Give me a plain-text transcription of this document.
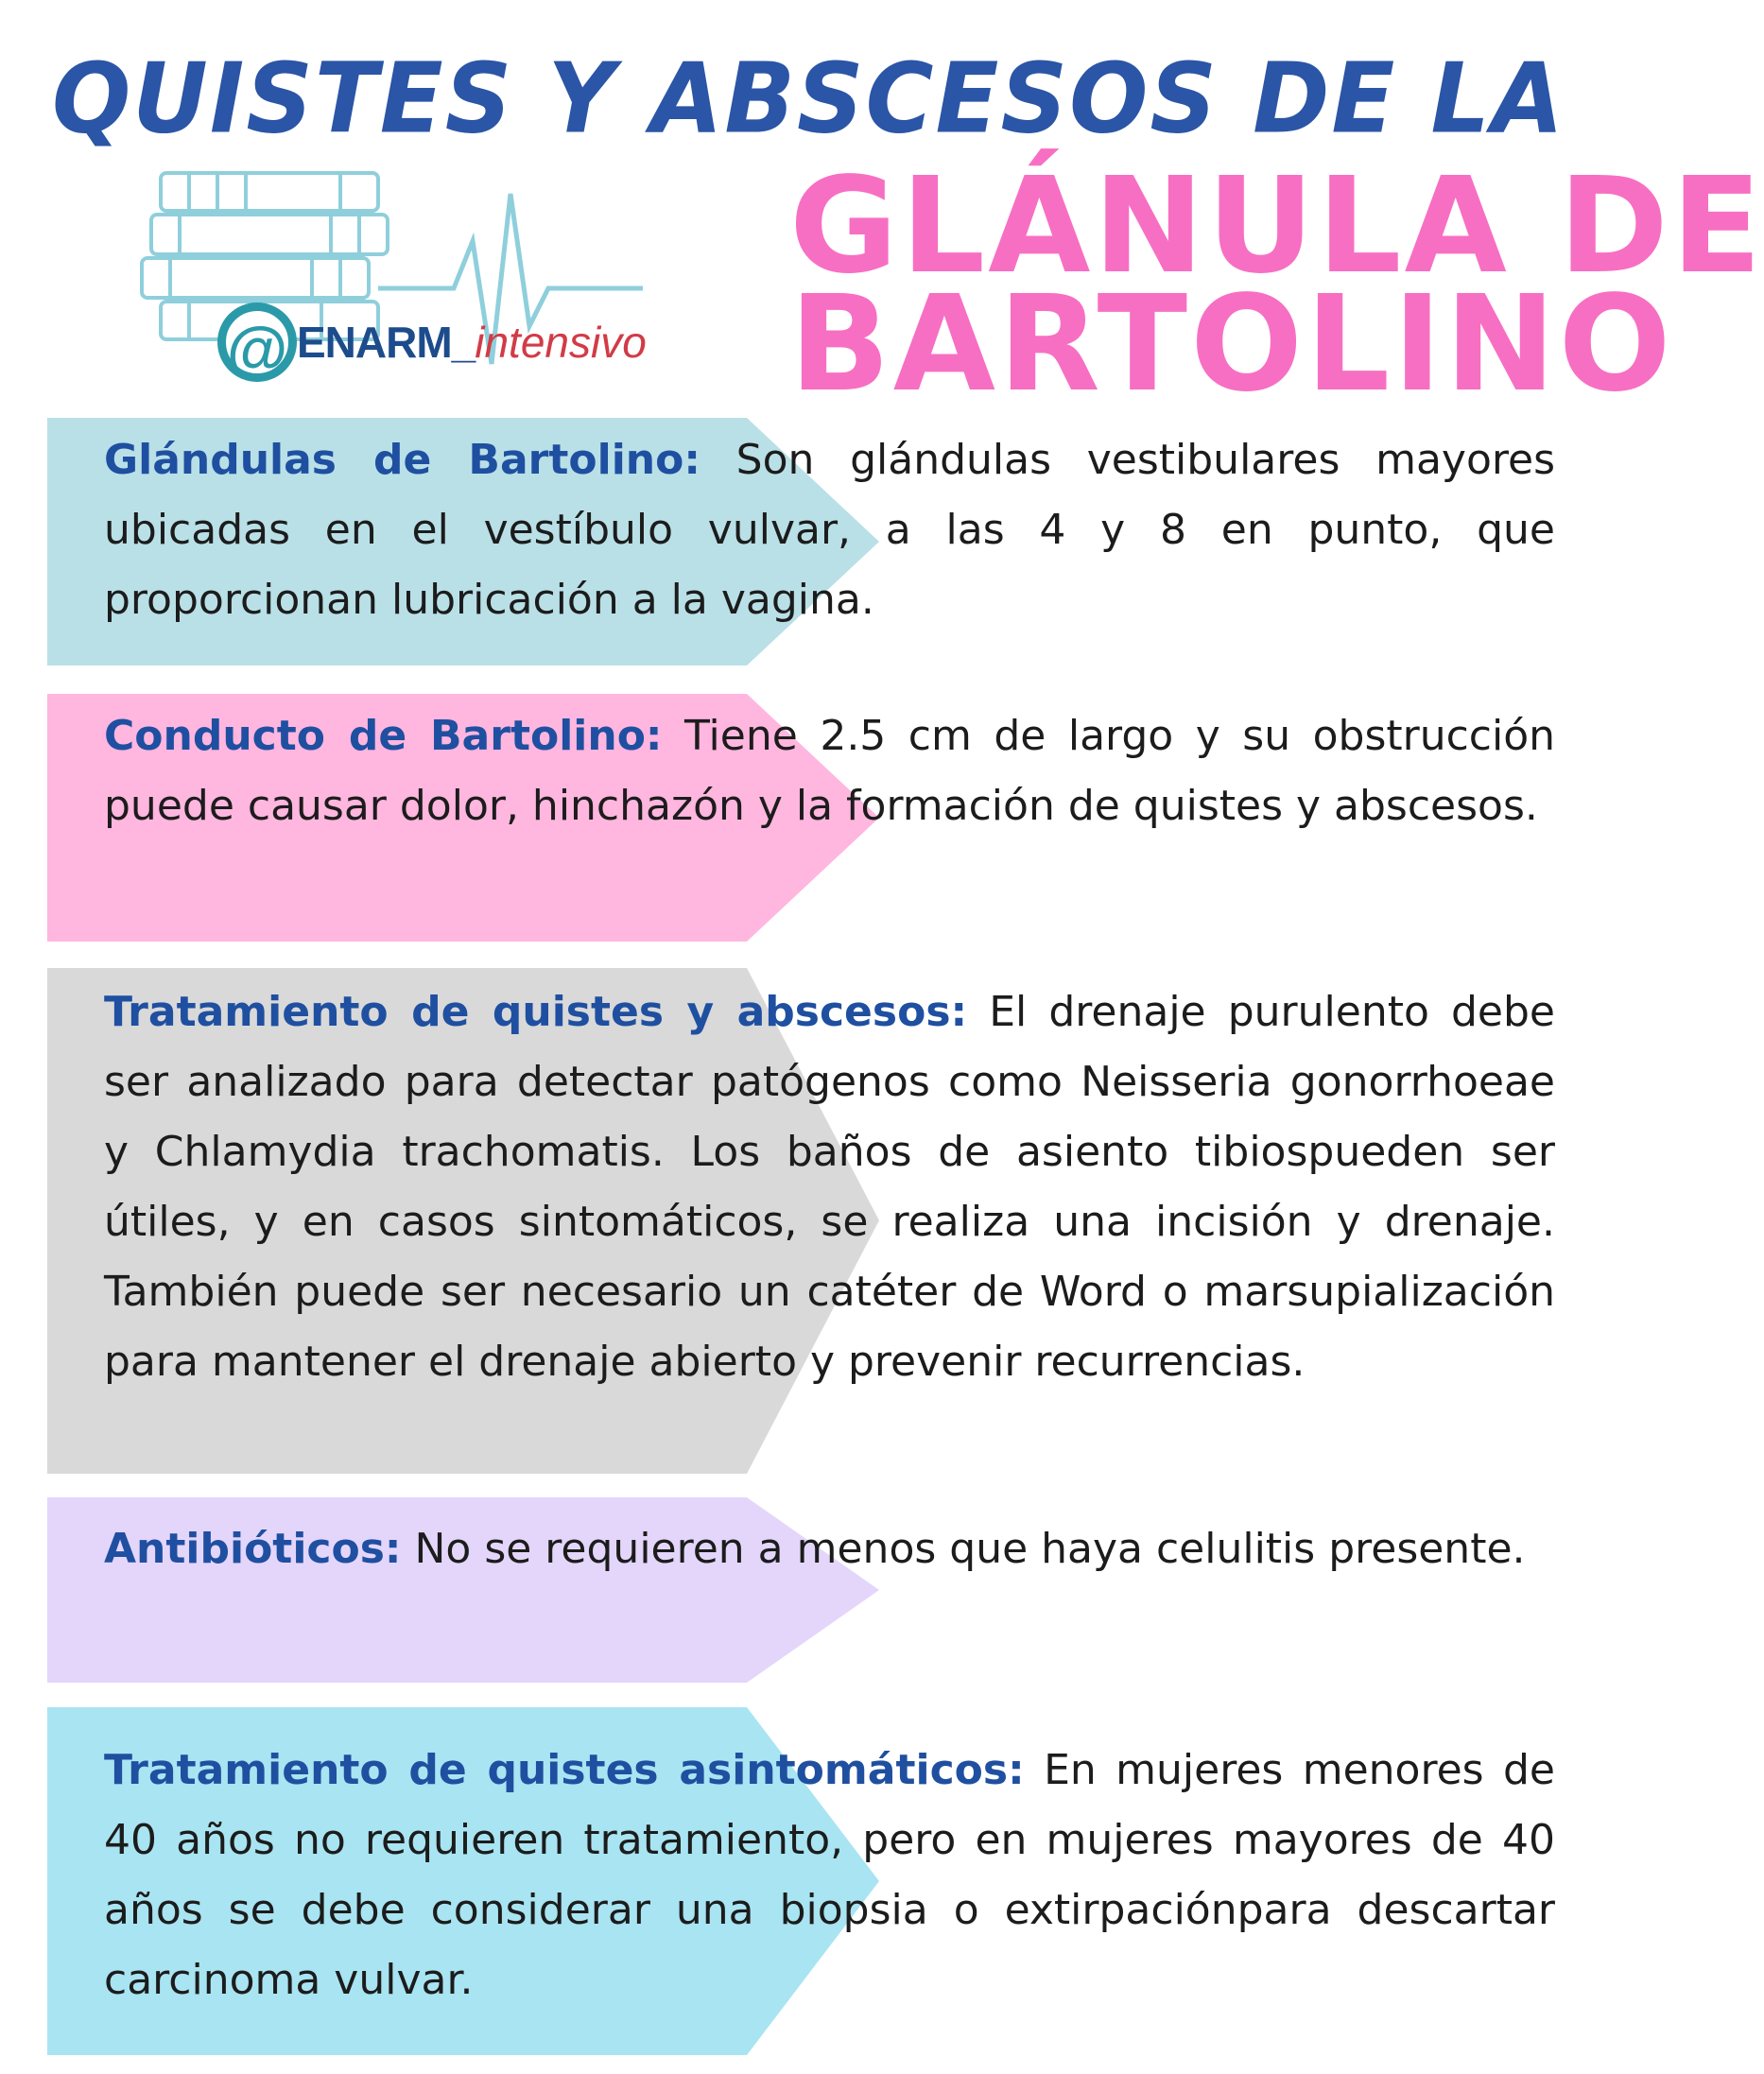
QUISTES Y ABSCESOS DE LA
@ ENARM_intensivo
GLÁNULA DE
BARTOLINO
Glándulas de Bartolino: Son glándulas vestibulares mayores ubicadas en el vestíbulo vulvar, a las 4 y 8 en punto, que proporcionan lubricación a la vagina.
Conducto de Bartolino: Tiene 2.5 cm de largo y su obstrucción puede causar dolor, hinchazón y la formación de quistes y abscesos.
Tratamiento de quistes y abscesos: El drenaje purulento debe ser analizado para detectar patógenos como Neisseria gonorrhoeae y Chlamydia trachomatis. Los baños de asiento tibiospueden ser útiles, y en casos sintomáticos, se realiza una incisión y drenaje. También puede ser necesario un catéter de Word o marsupialización para mantener el drenaje abierto y prevenir recurrencias.
Antibióticos: No se requieren a menos que haya celulitis presente.
Tratamiento de quistes asintomáticos: En mujeres menores de 40 años no requieren tratamiento, pero en mujeres mayores de 40 años se debe considerar una biopsia o extirpaciónpara descartar carcinoma vulvar.
